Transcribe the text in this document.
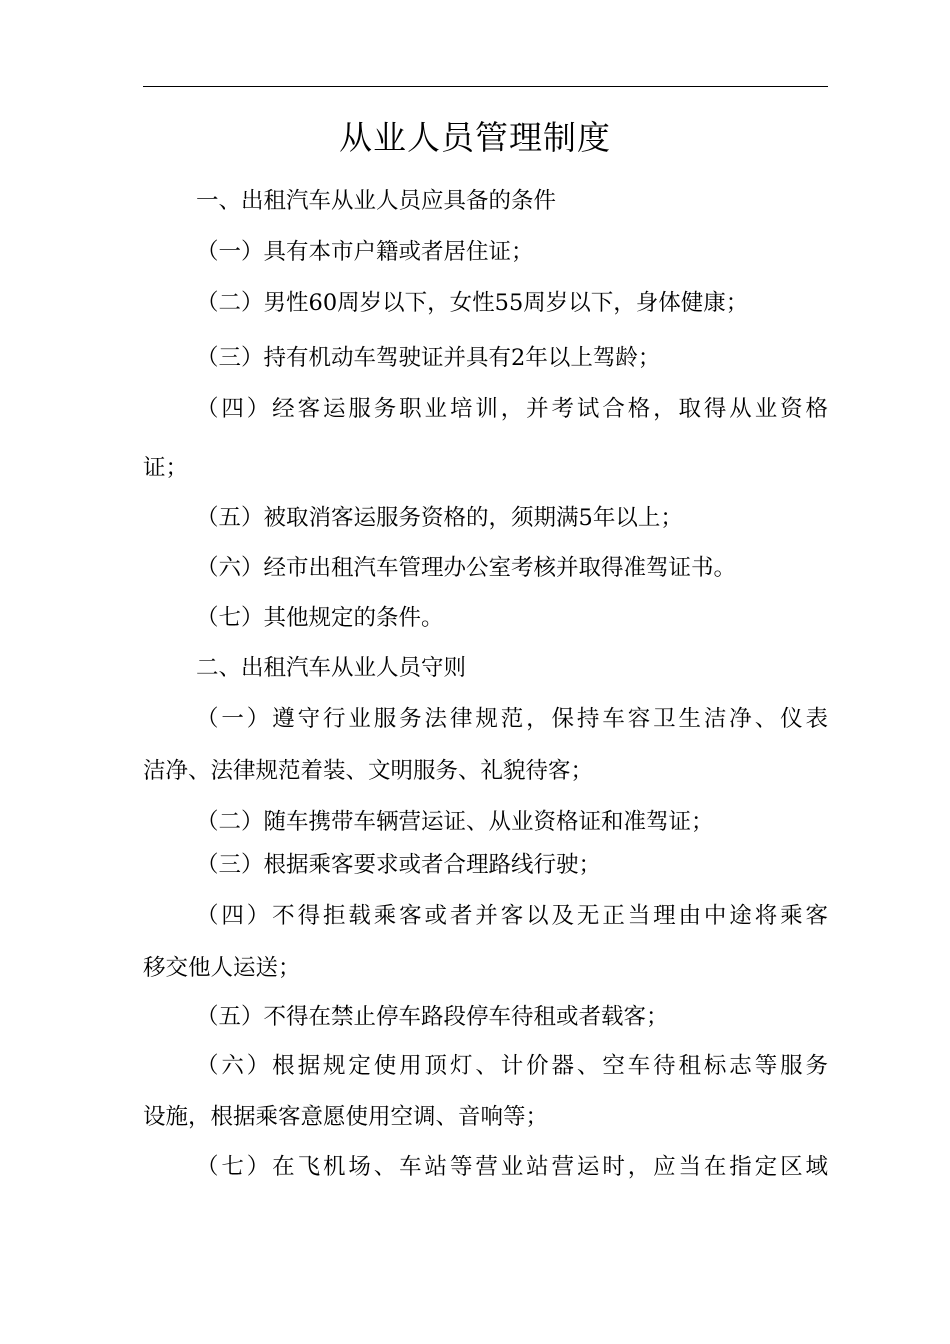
从业人员管理制度
一、出租汽车从业人员应具备的条件
（一）具有本市户籍或者居住证；
（二）男性60周岁以下，女性55周岁以下，身体健康；
（三）持有机动车驾驶证并具有2年以上驾龄；
（四）经客运服务职业培训，并考试合格，取得从业资格
证；
（五）被取消客运服务资格的，须期满5年以上；
（六）经市出租汽车管理办公室考核并取得准驾证书。
（七）其他规定的条件。
二、出租汽车从业人员守则
（一）遵守行业服务法律规范，保持车容卫生洁净、仪表
洁净、法律规范着装、文明服务、礼貌待客；
（二）随车携带车辆营运证、从业资格证和准驾证；
（三）根据乘客要求或者合理路线行驶；
（四）不得拒载乘客或者并客以及无正当理由中途将乘客
移交他人运送；
（五）不得在禁止停车路段停车待租或者载客；
（六）根据规定使用顶灯、计价器、空车待租标志等服务
设施，根据乘客意愿使用空调、音响等；
（七）在飞机场、车站等营业站营运时，应当在指定区域
